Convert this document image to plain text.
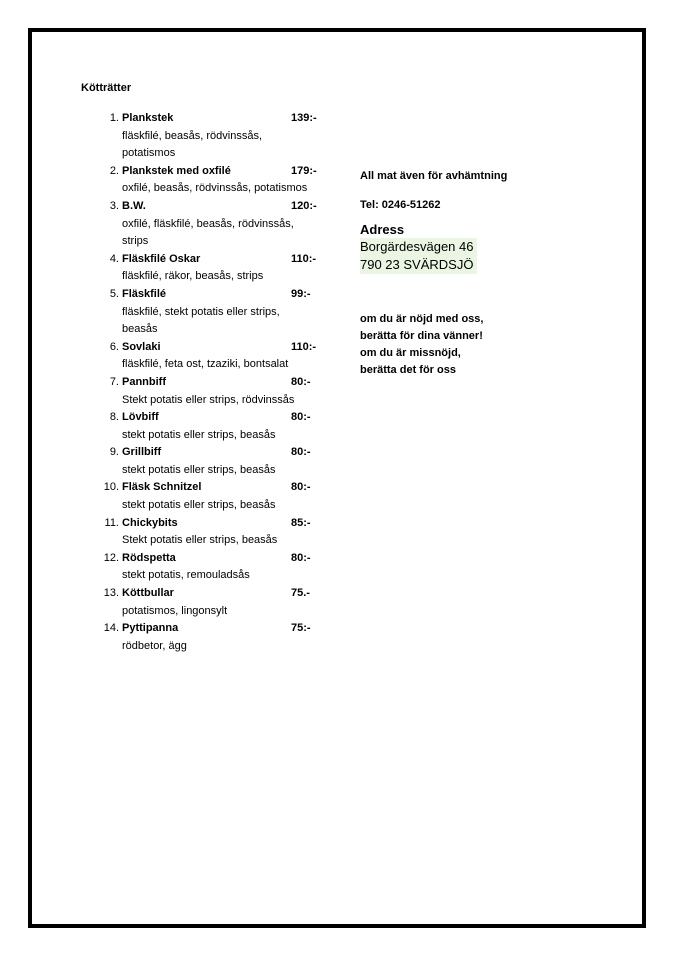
Kötträtter
1. Plankstek	139:-
fläskfilé, beasås, rödvinssås,
potatismos
2. Plankstek med oxfilé	179:-
oxfilé, beasås, rödvinssås, potatismos
3. B.W.	120:-
oxfilé, fläskfilé, beasås, rödvinssås,
strips
4. Fläskfilé Oskar	110:-
fläskfilé, räkor, beasås, strips
5. Fläskfilé	99:-
fläskfilé, stekt potatis eller strips,
beasås
6. Sovlaki	110:-
fläskfilé, feta ost, tzaziki, bontsalat
7. Pannbiff	80:-
Stekt potatis eller strips, rödvinssås
8. Lövbiff	80:-
stekt potatis eller strips, beasås
9. Grillbiff	80:-
stekt potatis eller strips, beasås
10. Fläsk Schnitzel	80:-
stekt potatis eller strips, beasås
11. Chickybits	85:-
Stekt potatis eller strips, beasås
12. Rödspetta	80:-
stekt potatis, remouladsås
13. Köttbullar	75.-
potatismos, lingonsylt
14. Pyttipanna	75:-
rödbetor, ägg
All mat även för avhämtning
Tel: 0246-51262
Adress
Borgärdesvägen 46
790 23 SVÄRDSJÖ
om du är nöjd med oss,
berätta för dina vänner!
om du är missnöjd,
berätta det för oss
